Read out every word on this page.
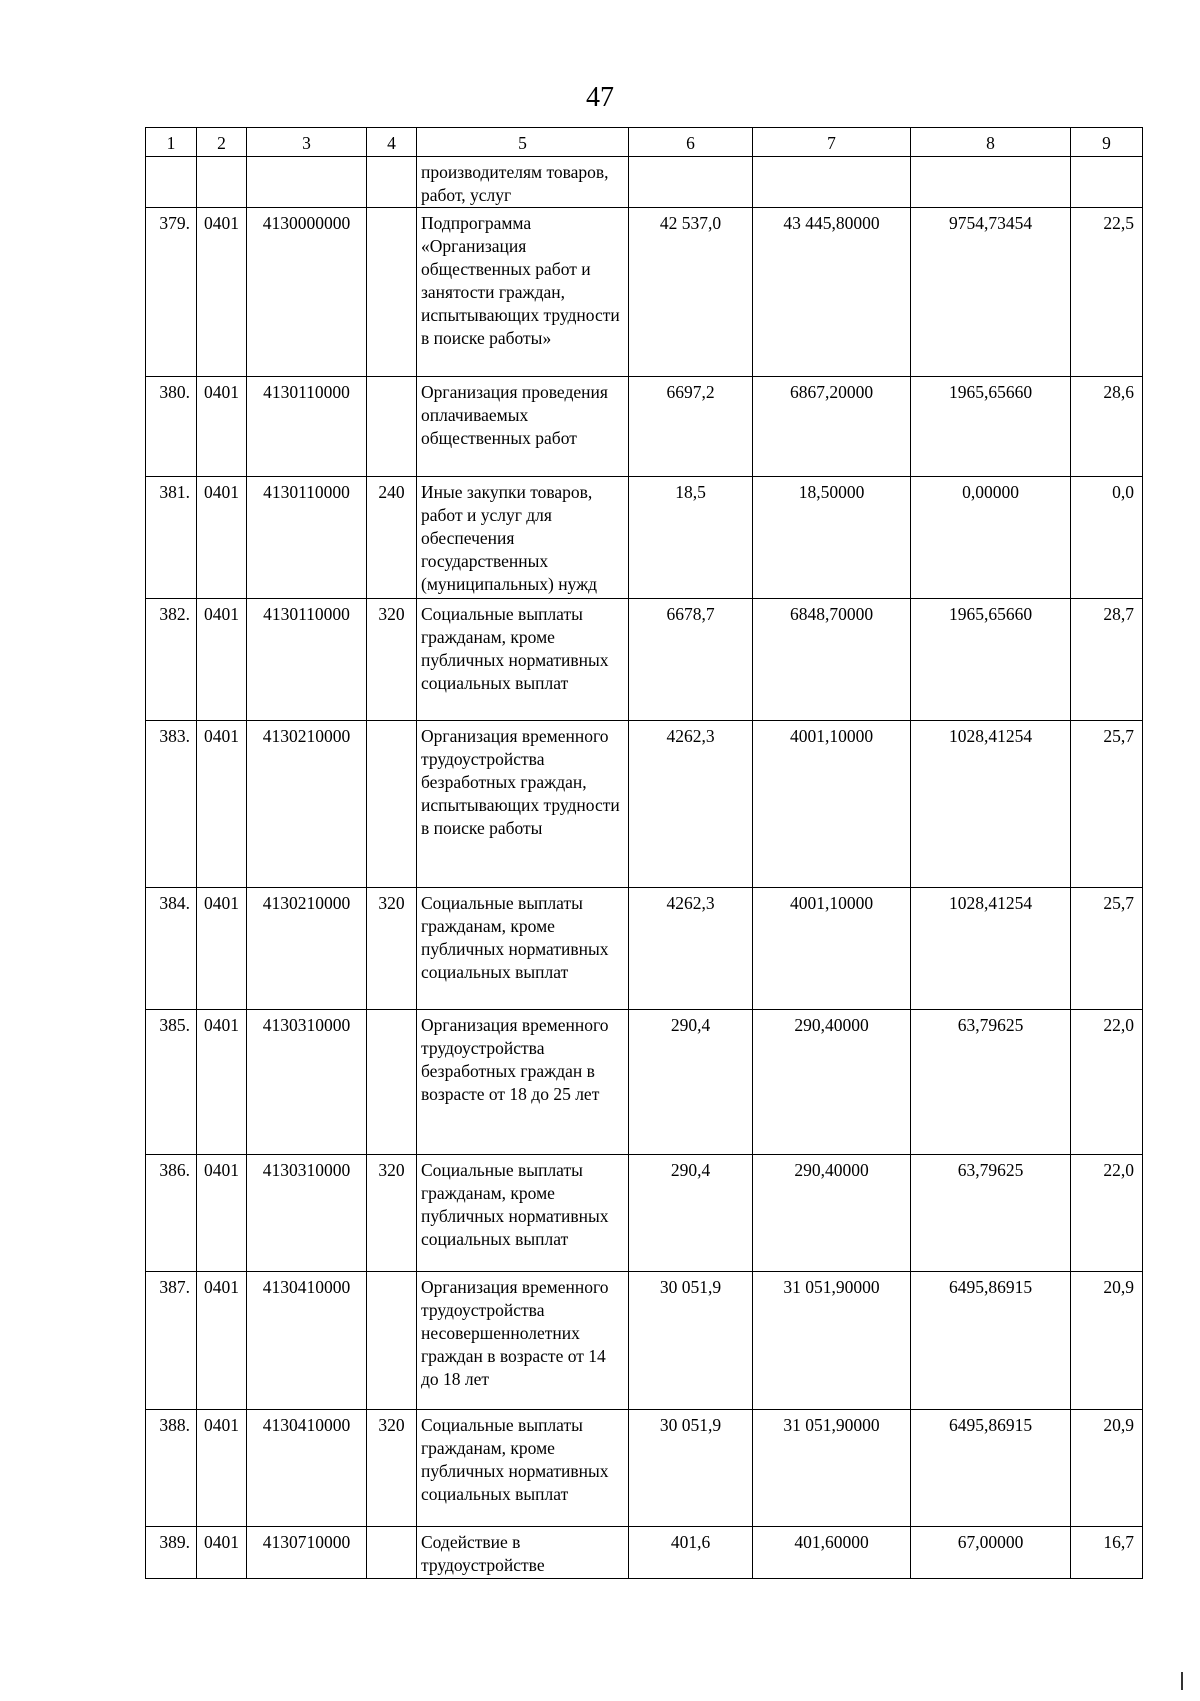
47
1	2	3	4	5	6	7	8	9
				производителям товаров, работ, услуг				
379.	0401	4130000000		Подпрограмма «Организация общественных работ и занятости граждан, испытывающих трудности в поиске работы»	42 537,0	43 445,80000	9754,73454	22,5
380.	0401	4130110000		Организация проведения оплачиваемых общественных работ	6697,2	6867,20000	1965,65660	28,6
381.	0401	4130110000	240	Иные закупки товаров, работ и услуг для обеспечения государственных (муниципальных) нужд	18,5	18,50000	0,00000	0,0
382.	0401	4130110000	320	Социальные выплаты гражданам, кроме публичных нормативных социальных выплат	6678,7	6848,70000	1965,65660	28,7
383.	0401	4130210000		Организация временного трудоустройства безработных граждан, испытывающих трудности в поиске работы	4262,3	4001,10000	1028,41254	25,7
384.	0401	4130210000	320	Социальные выплаты гражданам, кроме публичных нормативных социальных выплат	4262,3	4001,10000	1028,41254	25,7
385.	0401	4130310000		Организация временного трудоустройства безработных граждан в возрасте от 18 до 25 лет	290,4	290,40000	63,79625	22,0
386.	0401	4130310000	320	Социальные выплаты гражданам, кроме публичных нормативных социальных выплат	290,4	290,40000	63,79625	22,0
387.	0401	4130410000		Организация временного трудоустройства несовершеннолетних граждан в возрасте от 14 до 18 лет	30 051,9	31 051,90000	6495,86915	20,9
388.	0401	4130410000	320	Социальные выплаты гражданам, кроме публичных нормативных социальных выплат	30 051,9	31 051,90000	6495,86915	20,9
389.	0401	4130710000		Содействие в трудоустройстве	401,6	401,60000	67,00000	16,7
